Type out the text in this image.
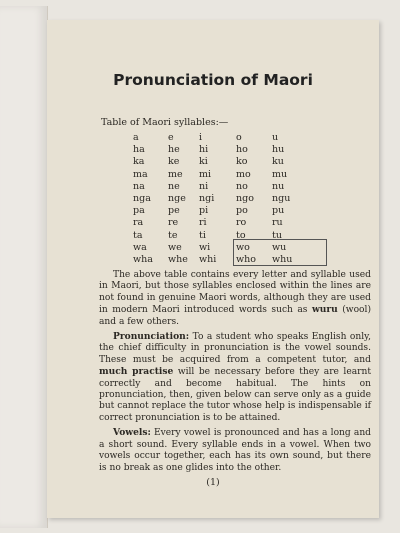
Pronunciation of Maori
Table of Maori syllables:—
a	e	i	o	u
ha he hi	ho	hu
ka ke ki	ko	ku
ma me mi	mo mu
na ne ni	no	nu
nga nge ngi ngo ngu
pa pe pi	po	pu
ra	re ri	ro	ru
ta	te ti	to	tu
wa we wi	wo wu
wha whe whi who whu

The above table contains every letter and syllable used in Maori, but those syllables enclosed within the lines are not found in genuine Maori words, although they are used in modern Maori introduced words such as wuru (wool) and a few others.

Pronunciation: To a student who speaks English only, the chief difficulty in pronunciation is the vowel sounds. These must be acquired from a competent tutor, and much practise will be necessary before they are learnt correctly and become habitual. The hints on pronunciation, then, given below can serve only as a guide but cannot replace the tutor whose help is indispensable if correct pronunciation is to be attained.

Vowels: Every vowel is pronounced and has a long and a short sound. Every syllable ends in a vowel. When two vowels occur together, each has its own sound, but there is no break as one glides into the other.

(1)
